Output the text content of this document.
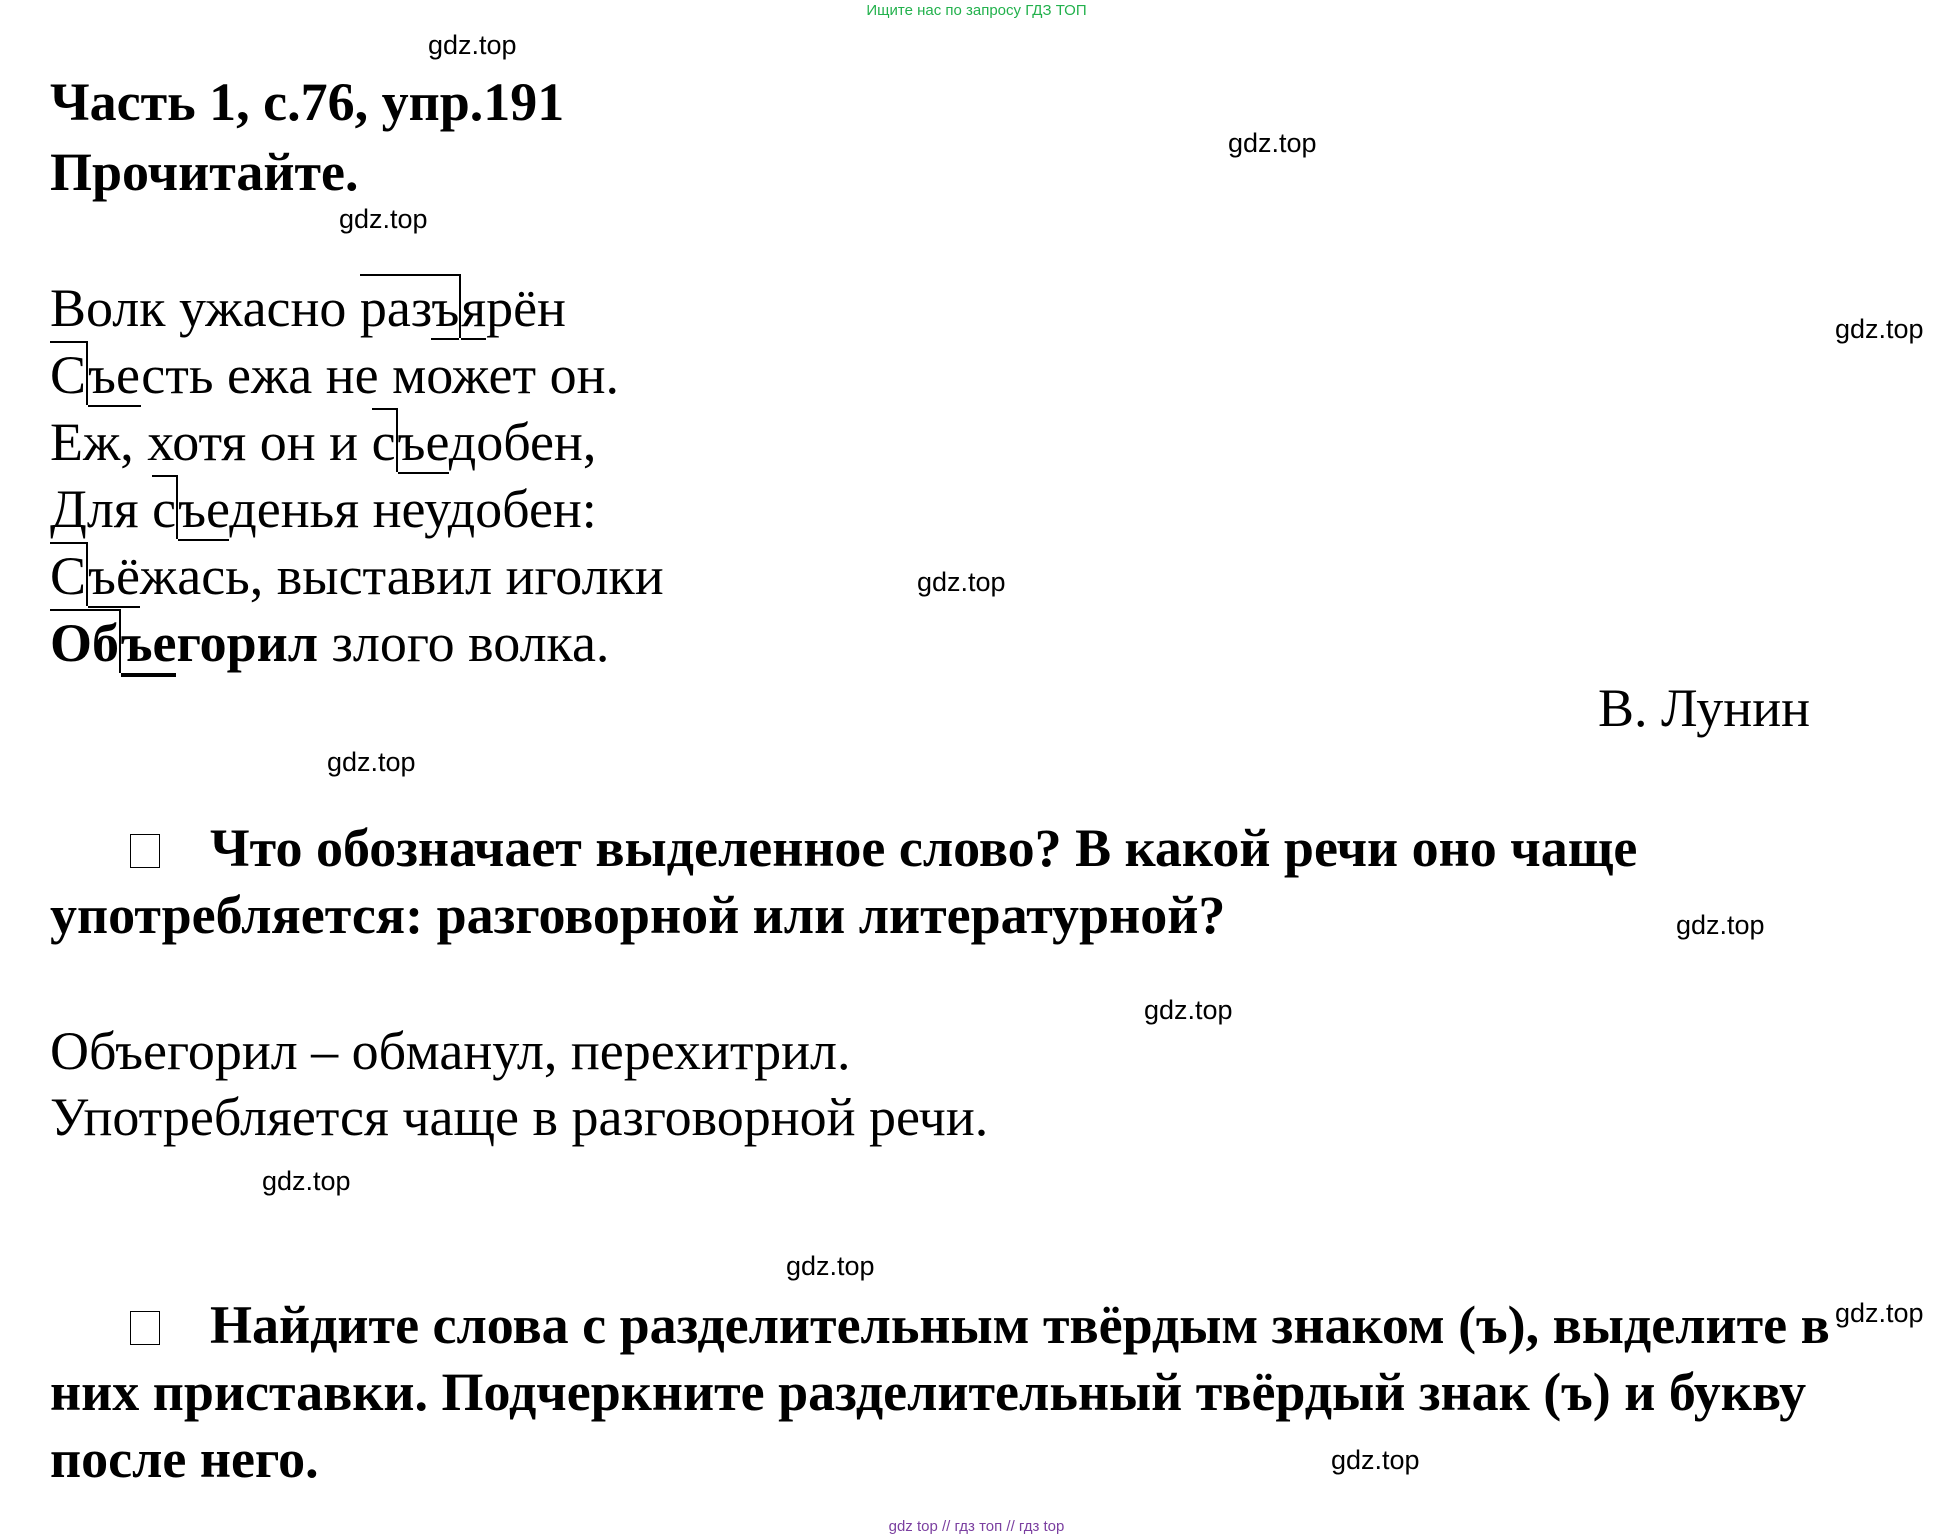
Ищите нас по запросу ГДЗ ТОП
gdz.top
gdz.top
gdz.top
gdz.top
gdz.top
gdz.top
gdz.top
gdz.top
gdz.top
gdz.top
gdz.top
gdz.top
Часть 1, с.76, упр.191
Прочитайте.
Волк ужасно разъярён
Съесть ежа не может он.
Еж, хотя он и съедобен,
Для съеденья неудобен:
Съёжась, выставил иголки
Объегорил злого волка.
В. Лунин
Что обозначает выделенное слово? В какой речи оно чаще употребляется: разговорной или литературной?
Объегорил – обманул, перехитрил.
Употребляется чаще в разговорной речи.
Найдите слова с разделительным твёрдым знаком (ъ), выделите в них приставки. Подчеркните разделительный твёрдый знак (ъ) и букву после него.
gdz top // гдз топ // гдз top
